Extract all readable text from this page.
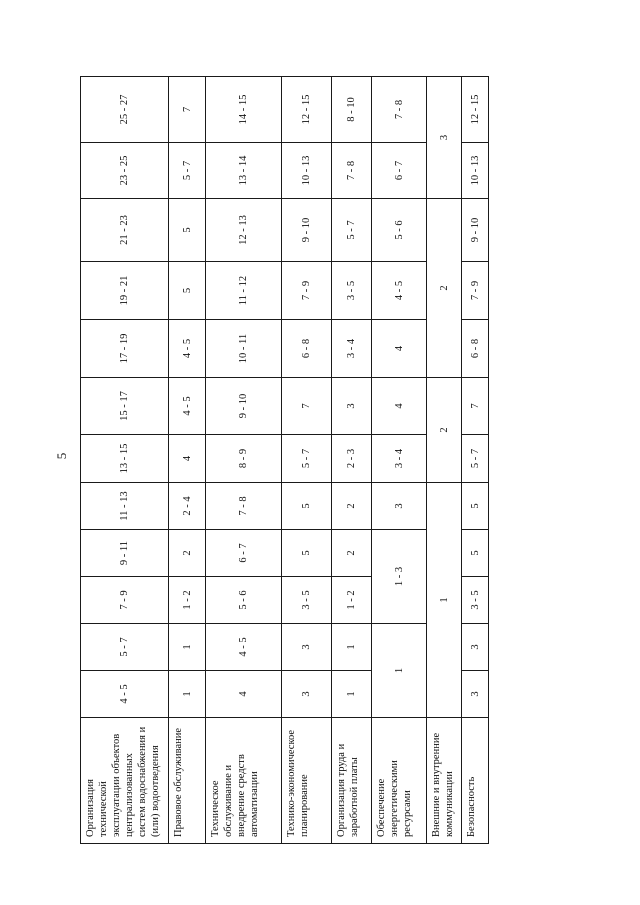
5
Организация технической эксплуатации объектов централизованных систем водоснабжения и (или) водоотведения	4 - 5	5 - 7	7 - 9	9 - 11	11 - 13	13 - 15	15 - 17	17 - 19	19 - 21	21 - 23	23 - 25	25 - 27
Правовое обслуживание	1	1	1 - 2	2	2 - 4	4	4 - 5	4 - 5	5	5	5 - 7	7
Техническое обслуживание и внедрение средств автоматизации	4	4 - 5	5 - 6	6 - 7	7 - 8	8 - 9	9 - 10	10 - 11	11 - 12	12 - 13	13 - 14	14 - 15
Технико-экономическое планирование	3	3	3 - 5	5	5	5 - 7	7	6 - 8	7 - 9	9 - 10	10 - 13	12 - 15
Организация труда и заработной платы	1	1	1 - 2	2	2	2 - 3	3	3 - 4	3 - 5	5 - 7	7 - 8	8 - 10
Обеспечение энергетическими ресурсами	1		1 - 3		3	3 - 4	4	4	4 - 5	5 - 6	6 - 7	7 - 8
Внешние и внутренние коммуникации	1					2		2			3	
Безопасность	3	3	3 - 5	5	5	5 - 7	7	6 - 8	7 - 9	9 - 10	10 - 13	12 - 15
